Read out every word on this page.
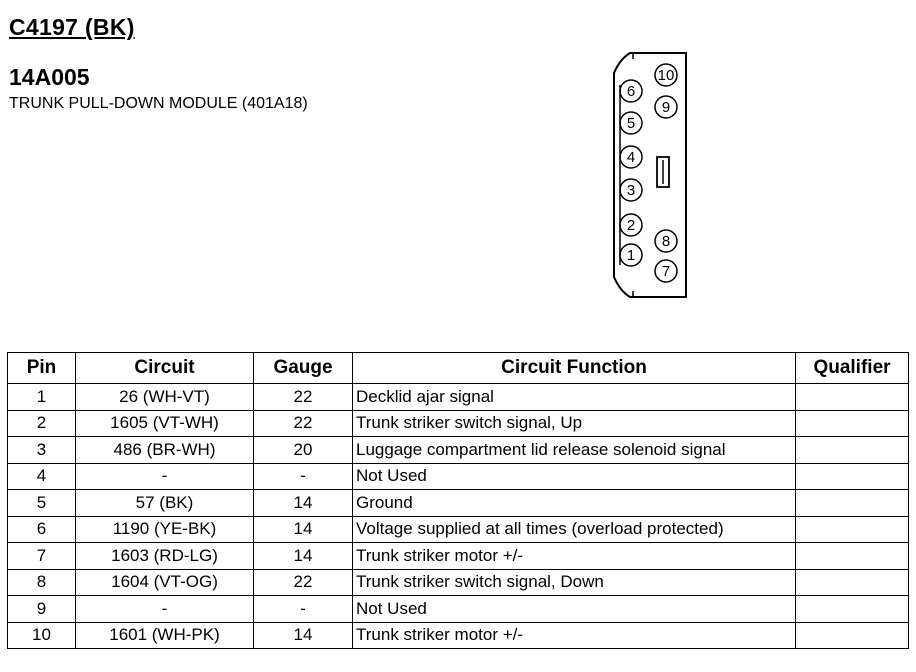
C4197 (BK)
14A005
TRUNK PULL-DOWN MODULE (401A18)
10
9
6
5
4
3
2
1
8
7
Pin	Circuit	Gauge	Circuit Function	Qualifier
1	26 (WH-VT)	22	Decklid ajar signal	
2	1605 (VT-WH)	22	Trunk striker switch signal, Up	
3	486 (BR-WH)	20	Luggage compartment lid release solenoid signal	
4	-	-	Not Used	
5	57 (BK)	14	Ground	
6	1190 (YE-BK)	14	Voltage supplied at all times (overload protected)	
7	1603 (RD-LG)	14	Trunk striker motor +/-	
8	1604 (VT-OG)	22	Trunk striker switch signal, Down	
9	-	-	Not Used	
10	1601 (WH-PK)	14	Trunk striker motor +/-	
